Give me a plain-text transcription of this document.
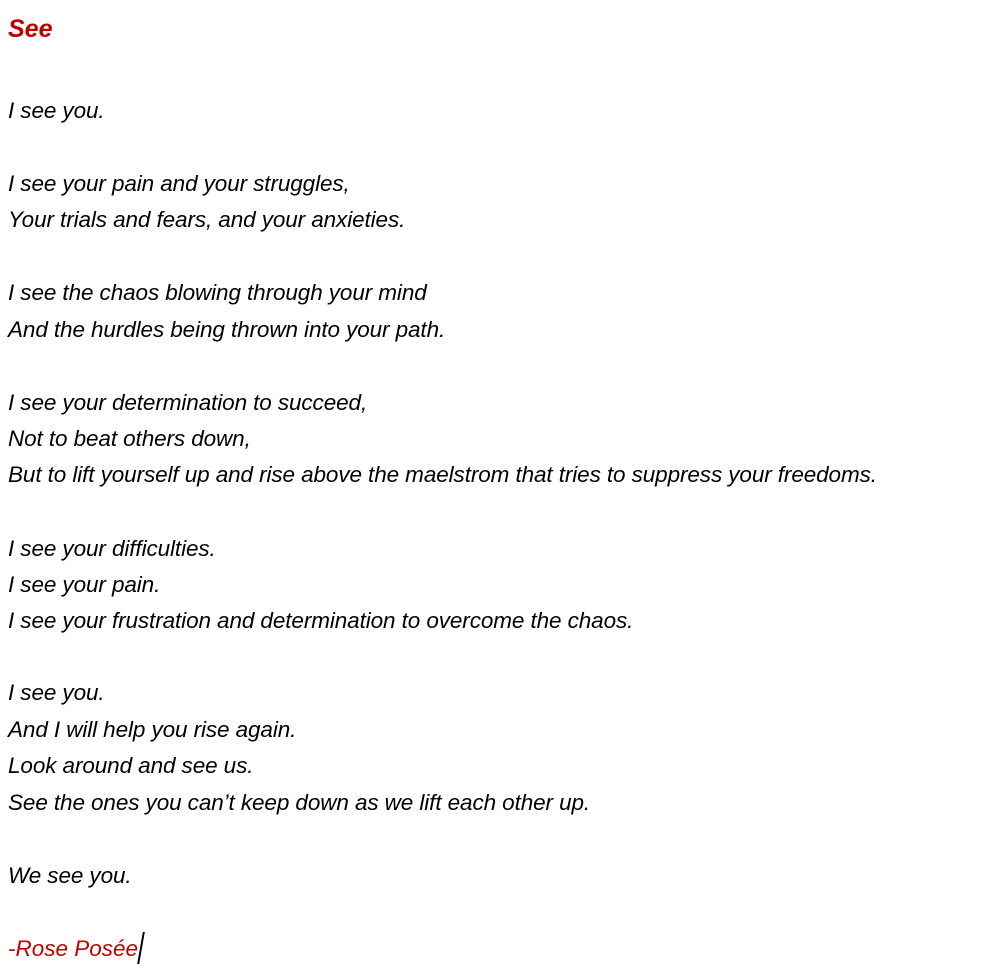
See
I see you.
I see your pain and your struggles,
Your trials and fears, and your anxieties.
I see the chaos blowing through your mind
And the hurdles being thrown into your path.
I see your determination to succeed,
Not to beat others down,
But to lift yourself up and rise above the maelstrom that tries to suppress your freedoms.
I see your difficulties.
I see your pain.
I see your frustration and determination to overcome the chaos.
I see you.
And I will help you rise again.
Look around and see us.
See the ones you can’t keep down as we lift each other up.
We see you.
-Rose Posée
